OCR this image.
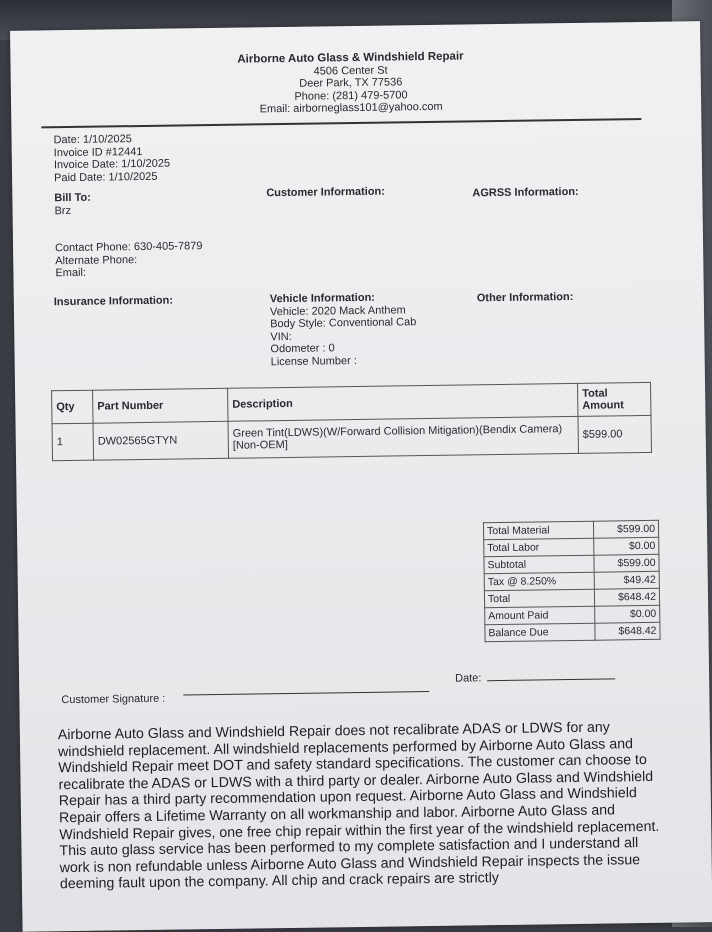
Airborne Auto Glass & Windshield Repair
4506 Center St
Deer Park, TX 77536
Phone: (281) 479-5700
Email: airborneglass101@yahoo.com
Date: 1/10/2025
Invoice ID #12441
Invoice Date: 1/10/2025
Paid Date: 1/10/2025
Bill To:
Brz
Customer Information:	AGRSS Information:
Contact Phone: 630-405-7879
Alternate Phone:
Email:
Insurance Information:	Vehicle Information:
Vehicle: 2020 Mack Anthem
Body Style: Conventional Cab
VIN:
Odometer : 0
License Number :
Other Information:
Qty	Part Number	Description	Total Amount
1	DW02565GTYN	Green Tint(LDWS)(W/Forward Collision Mitigation)(Bendix Camera) [Non-OEM]	$599.00
Total Material	$599.00
Total Labor	$0.00
Subtotal	$599.00
Tax @ 8.250%	$49.42
Total	$648.42
Amount Paid	$0.00
Balance Due	$648.42
Date:
Customer Signature :
Airborne Auto Glass and Windshield Repair does not recalibrate ADAS or LDWS for any windshield replacement. All windshield replacements performed by Airborne Auto Glass and Windshield Repair meet DOT and safety standard specifications. The customer can choose to recalibrate the ADAS or LDWS with a third party or dealer. Airborne Auto Glass and Windshield Repair has a third party recommendation upon request. Airborne Auto Glass and Windshield Repair offers a Lifetime Warranty on all workmanship and labor. Airborne Auto Glass and Windshield Repair gives, one free chip repair within the first year of the windshield replacement. This auto glass service has been performed to my complete satisfaction and I understand all work is non refundable unless Airborne Auto Glass and Windshield Repair inspects the issue deeming fault upon the company. All chip and crack repairs are strictly
